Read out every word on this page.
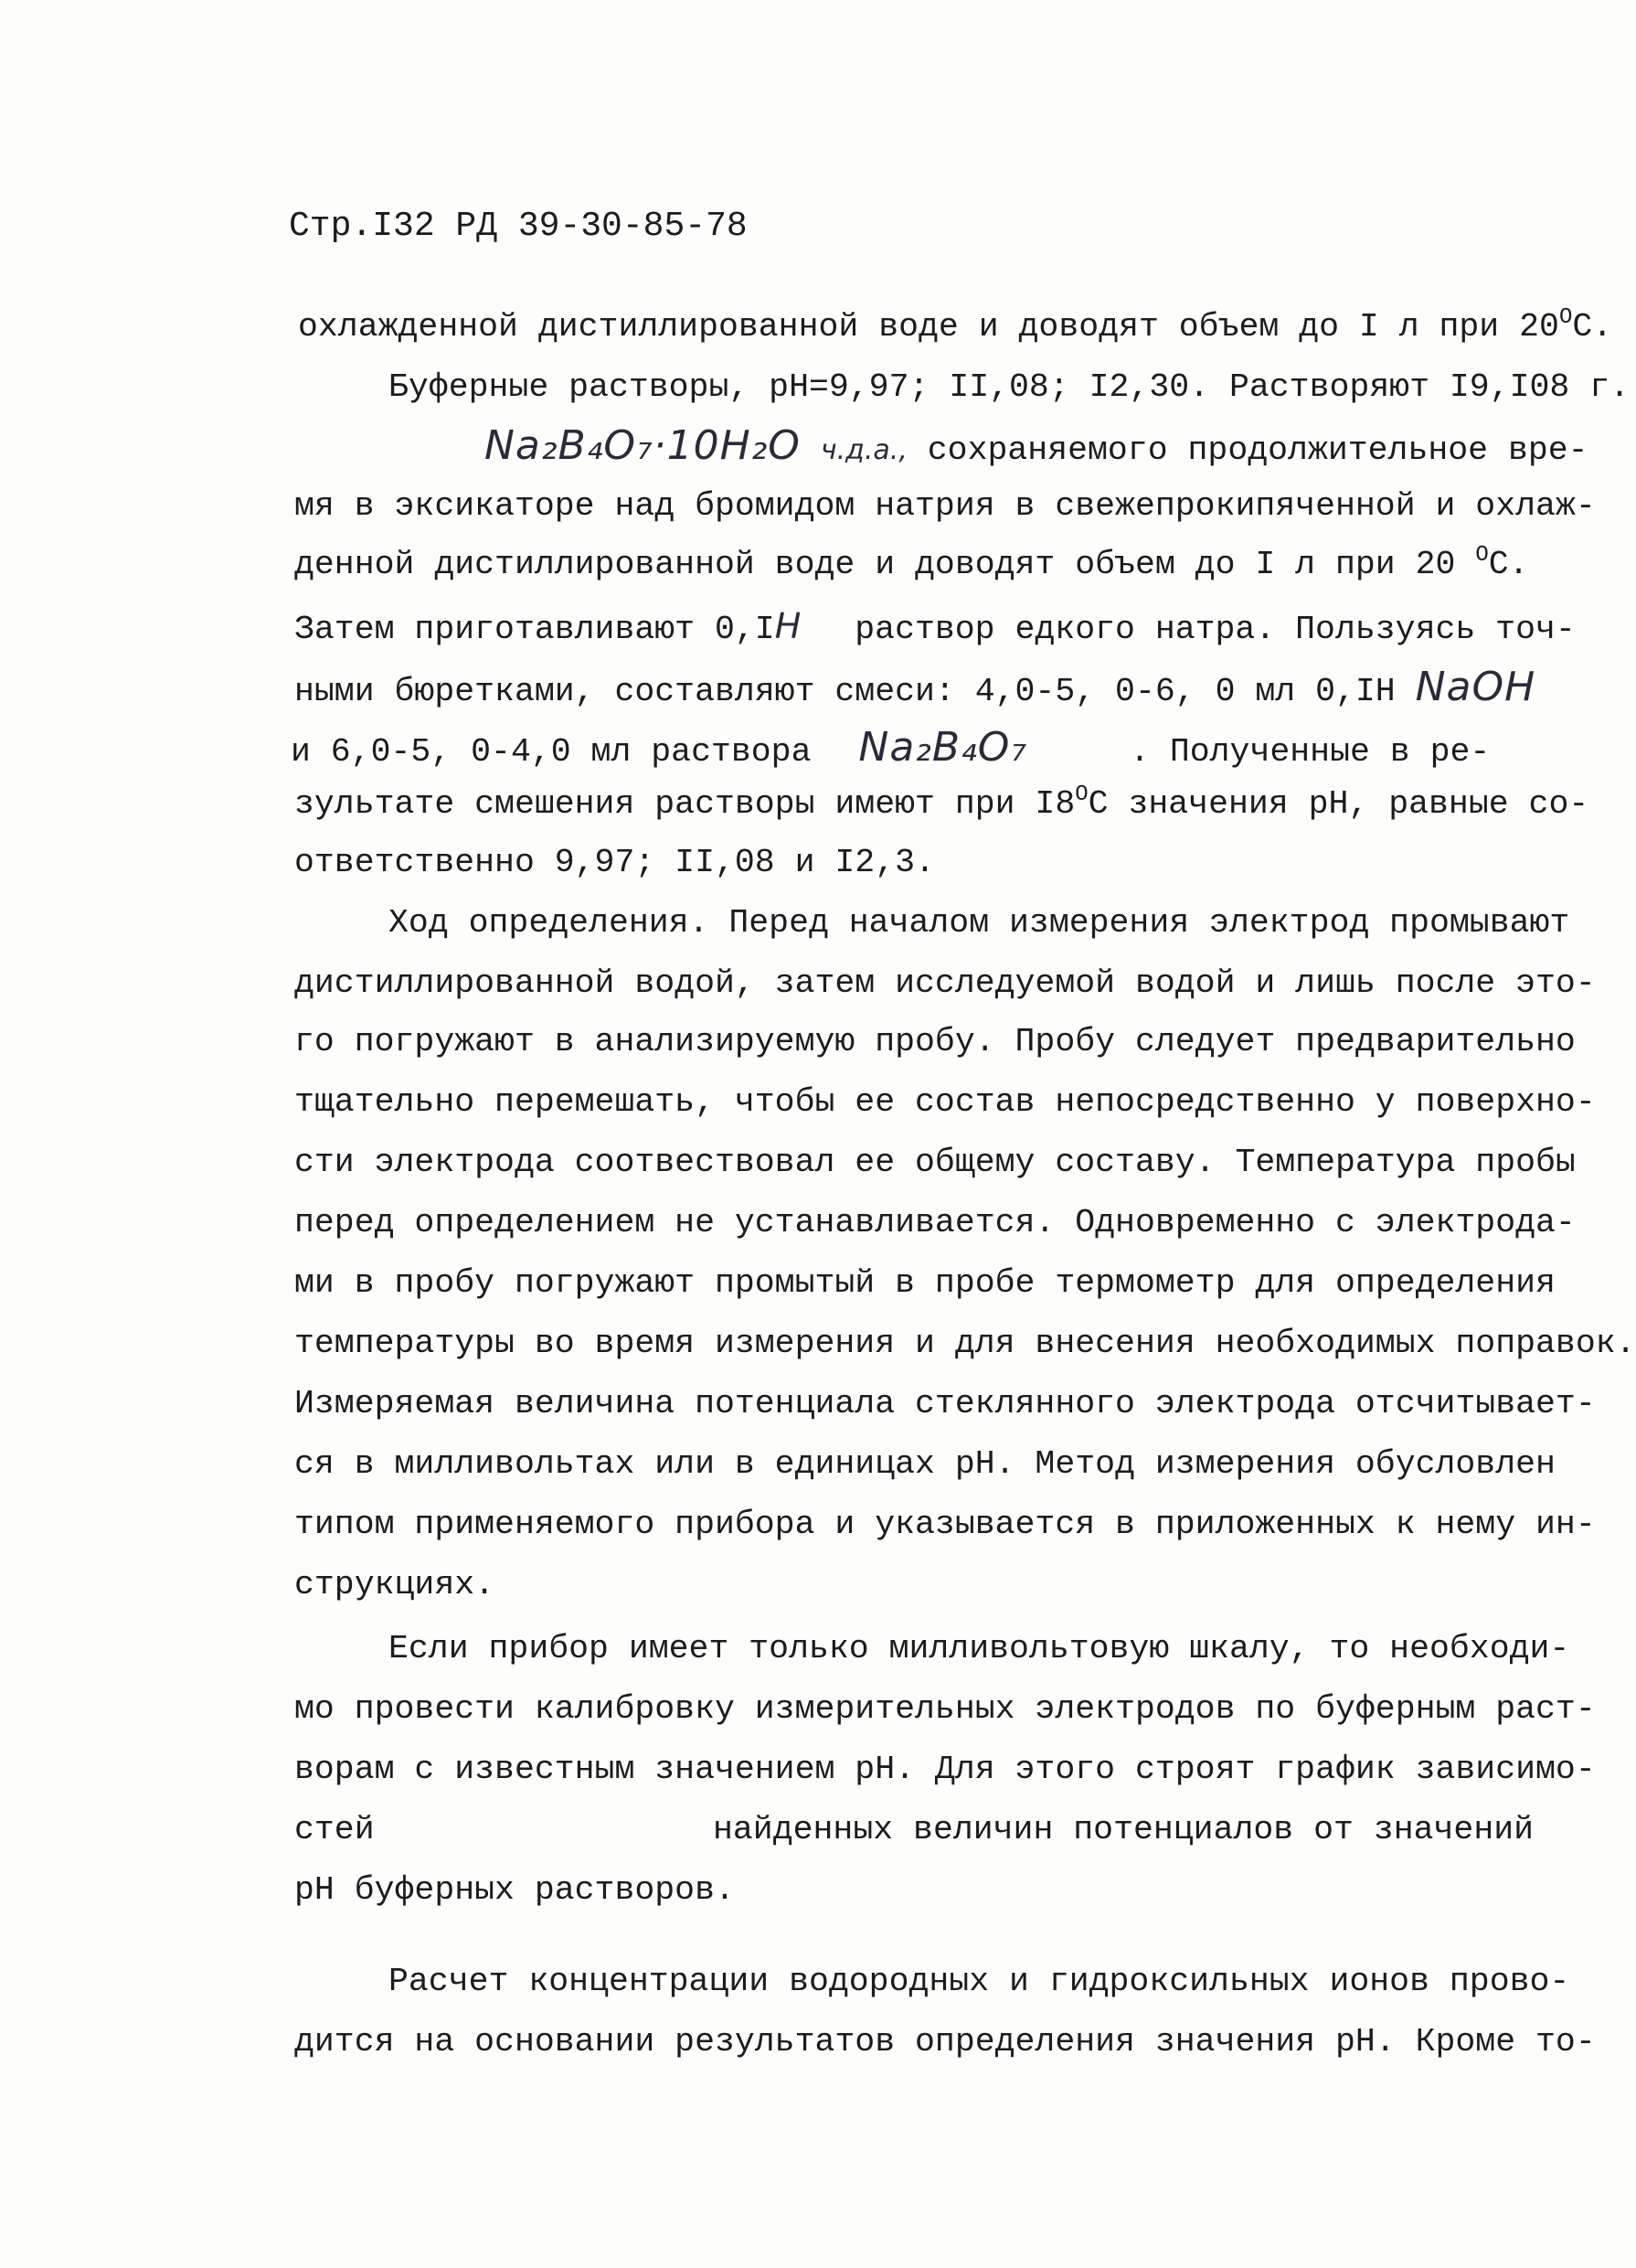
Стр.I32 РД 39-30-85-78
охлажденной дистиллированной воде и доводят объем до I л при $20^OС$.
Буферные растворы, рН=9,97; II,08; I2,30. Растворяют I9,I08 г.
Na₂B₄O₇·10H₂O ч.д.а., сохраняемого продолжительное вре-
мя в эксикаторе над бромидом натрия в свежепрокипяченной и охлаж-
денной дистиллированной воде и доводят объем до I л при 20 $^O$С.
Затем приготавливают 0,IН раствор едкого натра. Пользуясь точ-
ными бюретками, составляют смеси: 4,0-5, 0-6, 0 мл 0,IН NaOH
и 6,0-5, 0-4,0 мл раствора Na₂B₄O₇	. Полученные в ре-
зультате смешения растворы имеют при $I8^OС$ значения рН, равные со-
ответственно 9,97; II,08 и I2,3.
Ход определения. Перед началом измерения электрод промывают
дистиллированной водой, затем исследуемой водой и лишь после это-
го погружают в анализируемую пробу. Пробу следует предварительно
тщательно перемешать, чтобы ее состав непосредственно у поверхно-
сти электрода соотвествовал ее общему составу. Температура пробы
перед определением не устанавливается. Одновременно с электрода-
ми в пробу погружают промытый в пробе термометр для определения
температуры во время измерения и для внесения необходимых поправок.
Измеряемая величина потенциала стеклянного электрода отсчитывает-
ся в милливольтах или в единицах рН. Метод измерения обусловлен
типом применяемого прибора и указывается в приложенных к нему ин-
струкциях.
Если прибор имеет только милливольтовую шкалу, то необходи-
мо провести калибровку измерительных электродов по буферным раст-
ворам с известным значением рН. Для этого строят график зависимо-
стей	найденных величин потенциалов от значений
рН буферных растворов.
Расчет концентрации водородных и гидроксильных ионов прово-
дится на основании результатов определения значения рН. Кроме то-
